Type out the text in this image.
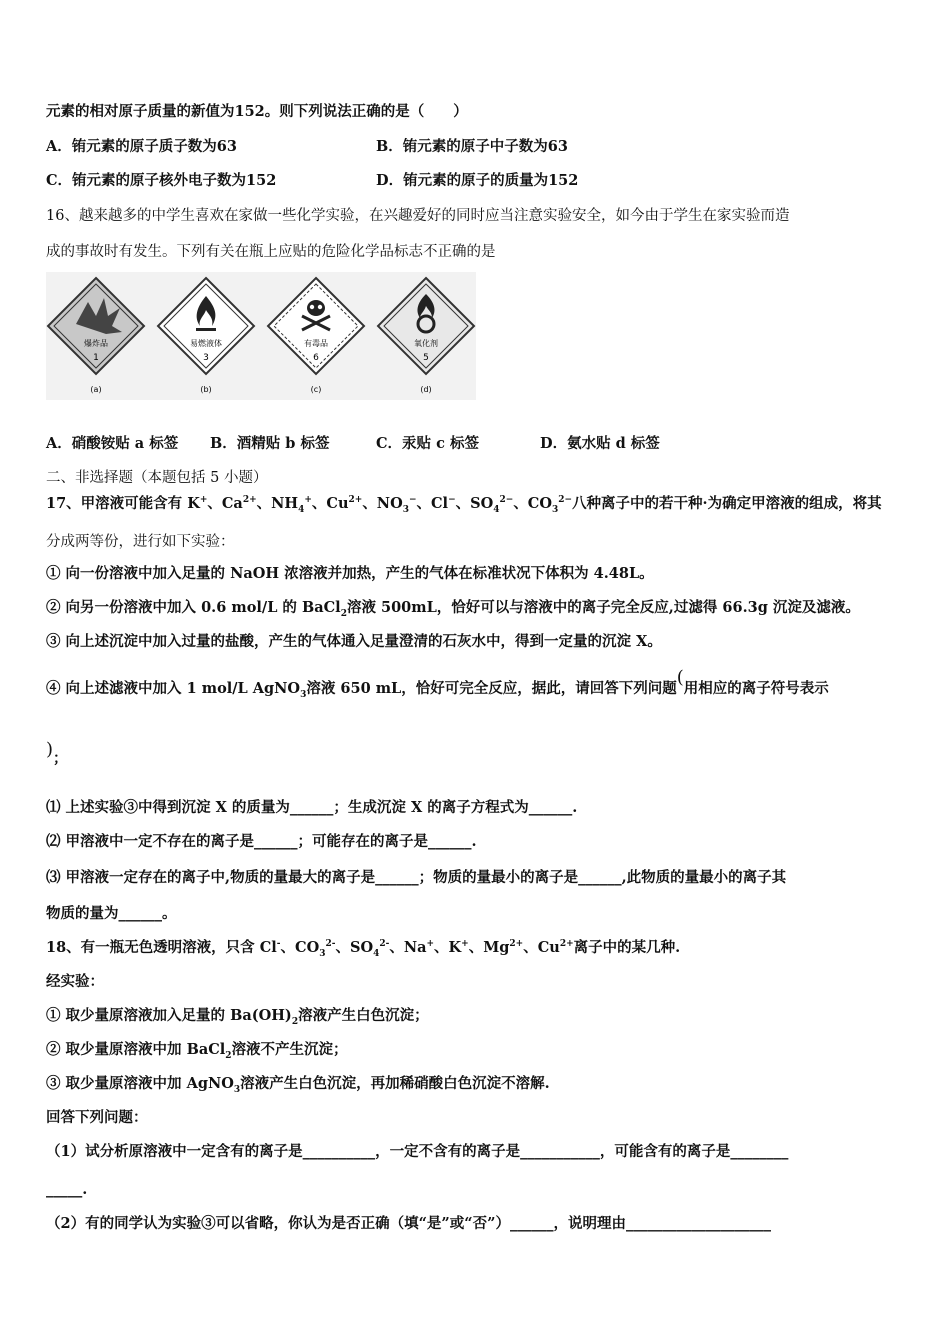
元素的相对原子质量的新值为152。则下列说法正确的是（　　）
A．铕元素的原子质子数为63	B．铕元素的原子中子数为63
C．铕元素的原子核外电子数为152	D．铕元素的原子的质量为152
16、越来越多的中学生喜欢在家做一些化学实验，在兴趣爱好的同时应当注意实验安全，如今由于学生在家实验而造
成的事故时有发生。下列有关在瓶上应贴的危险化学品标志不正确的是
爆炸品
1
(a)
易燃液体
3
(b)
有毒品
6
(c)
氧化剂
5
(d)
A．硝酸铵贴 a 标签 B．酒精贴 b 标签	C．汞贴 c 标签	D．氨水贴 d 标签
二、非选择题（本题包括 5 小题）
17、甲溶液可能含有 K+、$Ca^{2+}$、$NH_4^+$、$Cu^{2+}$、$NO_3^-$、Cl−、$SO_4^{2-}$、$CO_3^{2-}$八种离子中的若干种·为确定甲溶液的组成，将其
分成两等份，进行如下实验：
① 向一份溶液中加入足量的 NaOH 浓溶液并加热，产生的气体在标准状况下体积为 4.48L。
② 向另一份溶液中加入 0.6 mol/L 的 BaCl$_2$溶液 500mL，恰好可以与溶液中的离子完全反应,过滤得 66.3g 沉淀及滤液。
③ 向上述沉淀中加入过量的盐酸，产生的气体通入足量澄清的石灰水中，得到一定量的沉淀 X。
④ 向上述滤液中加入 1 mol/L AgNO$_3$溶液 650 mL，恰好可完全反应，据此，请回答下列问题(用相应的离子符号表示
)；
⑴ 上述实验③中得到沉淀 X 的质量为______；生成沉淀 X 的离子方程式为______.
⑵ 甲溶液中一定不存在的离子是______；可能存在的离子是______.
⑶ 甲溶液一定存在的离子中,物质的量最大的离子是______；物质的量最小的离子是______,此物质的量最小的离子其
物质的量为______。
18、有一瓶无色透明溶液，只含 Cl-、$CO_3^{2-}$、$SO_4^{2-}$、Na+、K+、$Mg^{2+}$、$Cu^{2+}$离子中的某几种.
经实验：
① 取少量原溶液加入足量的 $Ba(OH)_2$溶液产生白色沉淀；
② 取少量原溶液中加 BaCl$_2$溶液不产生沉淀；
③ 取少量原溶液中加 AgNO$_3$溶液产生白色沉淀，再加稀硝酸白色沉淀不溶解.
回答下列问题：
（1）试分析原溶液中一定含有的离子是__________，一定不含有的离子是___________，可能含有的离子是________
_____.
（2）有的同学认为实验③可以省略，你认为是否正确（填“是”或“否”）______，说明理由____________________
